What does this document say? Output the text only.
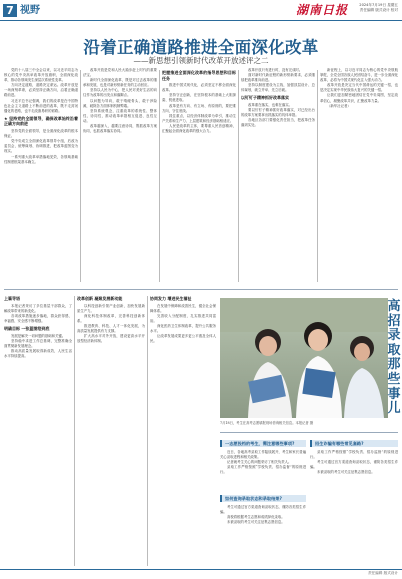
7 视野	湖南日报	2024年7月19日 星期五
责任编辑 版式设计 校对
沿着正确道路推进全面深化改革
——新思想引领新时代改革开放述评之二

党的十八届三中全会以来，以习近平同志为核心的党中央高举改革开放旗帜，全面深化改革，推动各领域发生深层次系统性变革。

方向决定道路，道路决定命运。改革开放是一场深刻革命，必须坚持正确方向，沿着正确道路前进。

习近平总书记强调，我们的改革是在中国特色社会主义道路上不断前进的改革，既不走封闭僵化的老路，也不走改旗易帜的邪路。

★ 坚持党的全面领导，确保改革始终沿着正确方向前进

坚持党的全面领导，是全面深化改革的根本保证。

党中央成立全面深化改革领导小组，后改为委员会，统筹谋划、协调推进，把改革蓝图变为现实。

一系列重大改革举措落地见效，各领域基础性制度框架基本确立。

改革开放是党和人民大踏步赶上时代的重要法宝。

新时代全面深化改革，既是对过去改革的继承和发展，也是对新形势新任务的主动回应。

坚持以人民为中心，把人民对美好生活的向往作为改革的出发点和落脚点。

以问题为导向，敢于啃硬骨头，敢于涉险滩，破除各方面体制机制弊端。

坚持系统观念，注重改革的系统性、整体性、协同性，推动改革举措相互促进、良性互动。

改革越深入，越要注意协同，既抓改革方案协同，也抓改革落实协同。

把握推进全面深化改革的指导思想和目标任务

推进中国式现代化，必须坚定不移全面深化改革。

坚持守正创新，在坚持根本的基础上大胆探索、锐意进取。

改革是有方向、有立场、有原则的，要把准方向，守住底线。

抓住重点，以经济体制改革为牵引，推动生产关系和生产力、上层建筑和经济基础相适应。

人民是改革的主体，要尊重人民首创精神，汇聚起全面深化改革的强大合力。

改革开放只有进行时，没有完成时。

面对新时代新征程的新形势新要求，必须继续把改革推向前进。

坚持以制度建设为主线，加强顶层设计、总体谋划，破立并举、先立后破。

以钉钉子精神抓好改革落实

改革重在落实，也难在落实。

要以钉钉子精神抓好改革落实，对已经出台的改革方案要拿出抓落实的具体举措。

各地区各部门要强化责任担当，把改革任务落到实处。

新征程上，以习近平同志为核心的党中央领航掌舵，全党全国各族人民团结奋斗，进一步全面深化改革，必将为中国式现代化注入强大动力。

改革开放是决定当代中国命运的关键一招，也是决定实现中华民族伟大复兴的关键一招。

让我们更加紧密地团结在党中央周围，坚定改革信心，凝聚改革共识，汇聚改革力量。

（新华社记者）

上篇导语

本报记者采访了多位基层干部群众，了解改革带来的新变化。

各项改革措施逐步落地，群众获得感、幸福感、安全感不断增强。

明确目标 一张蓝图绘到底

发展是解决一切问题的基础和关键。

坚持稳中求进工作总基调，完整准确全面贯彻新发展理念。

推动高质量发展取得新成效，人民生活水平持续提高。

改革创新 凝聚发展新动能

以科技创新引领产业创新，加快发展新质生产力。

深化科技体制改革，完善科技创新体系。

推进教育、科技、人才一体化发展，为高质量发展提供有力支撑。

扩大高水平对外开放，建设更高水平开放型经济新体制。

协同发力 增进民生福祉

在发展中保障和改善民生，健全社会保障体系。

完善收入分配制度，扎实推进共同富裕。

深化医药卫生体制改革，提升公共服务水平。

让改革发展成果更多更公平惠及全体人民。

7月18日，考生在高考志愿填报现场咨询相关信息。本报记者 摄
高招录取那些事儿
一志愿投档的考生，需注意哪些事项?

近日，各地高考录取工作陆续展开，考生和家长普遍关心录取进程和相关政策。

记者就考生关心的问题采访了相关负责人。

录取工作严格按照“学校负责、招办监督”的原则进行。

如何查询录取状态和录取结果?

考生可通过官方渠道查询录取状态，谨防各类招生诈骗。

高校将根据考生志愿和成绩择优录取。

未被录取的考生可关注征集志愿信息。

招生诈骗有哪些常见套路?

录取工作严格按照“学校负责、招办监督”的原则进行。

考生可通过官方渠道查询录取状态，谨防各类招生诈骗。

未被录取的考生可关注征集志愿信息。

责任编辑 版式设计
